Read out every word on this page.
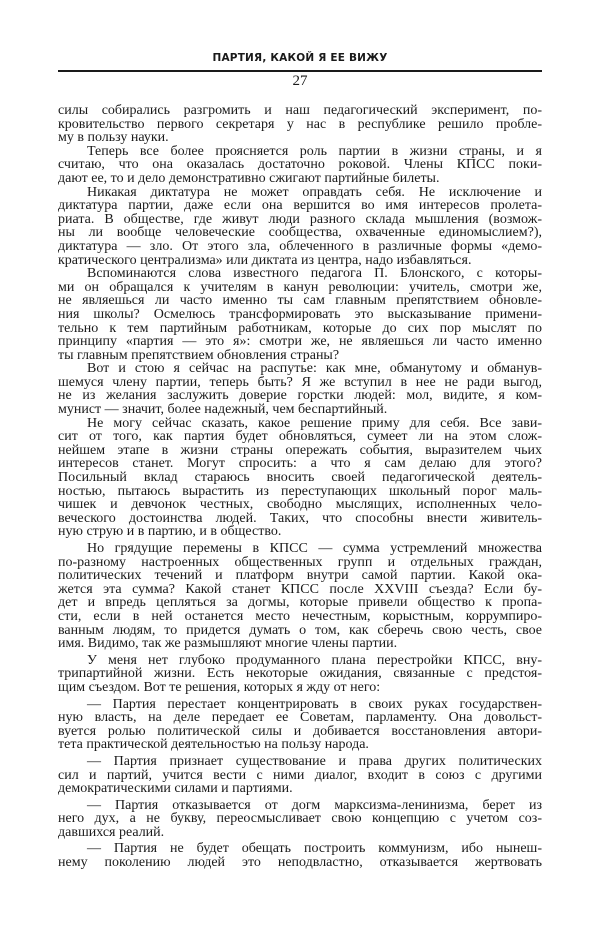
ПАРТИЯ, КАКОЙ Я ЕЕ ВИЖУ
27
силы собирались разгромить и наш педагогический эксперимент, по-
кровительство первого секретаря у нас в республике решило пробле-
му в пользу науки.
Теперь все более проясняется роль партии в жизни страны, и я
считаю, что она оказалась достаточно роковой. Члены КПСС поки-
дают ее, то и дело демонстративно сжигают партийные билеты.
Никакая диктатура не может оправдать себя. Не исключение и
диктатура партии, даже если она вершится во имя интересов пролета-
риата. В обществе, где живут люди разного склада мышления (возмож-
ны ли вообще человеческие сообщества, охваченные единомыслием?),
диктатура — зло. От этого зла, облеченного в различные формы «демо-
кратического централизма» или диктата из центра, надо избавляться.
Вспоминаются слова известного педагога П. Блонского, с которы-
ми он обращался к учителям в канун революции: учитель, смотри же,
не являешься ли часто именно ты сам главным препятствием обновле-
ния школы? Осмелюсь трансформировать это высказывание примени-
тельно к тем партийным работникам, которые до сих пор мыслят по
принципу «партия — это я»: смотри же, не являешься ли часто именно
ты главным препятствием обновления страны?
Вот и стою я сейчас на распутье: как мне, обманутому и обманув-
шемуся члену партии, теперь быть? Я же вступил в нее не ради выгод,
не из желания заслужить доверие горстки людей: мол, видите, я ком-
мунист — значит, более надежный, чем беспартийный.
Не могу сейчас сказать, какое решение приму для себя. Все зави-
сит от того, как партия будет обновляться, сумеет ли на этом слож-
нейшем этапе в жизни страны опережать события, выразителем чьих
интересов станет. Могут спросить: а что я сам делаю для этого?
Посильный вклад стараюсь вносить своей педагогической деятель-
ностью, пытаюсь вырастить из переступающих школьный порог маль-
чишек и девчонок честных, свободно мыслящих, исполненных чело-
веческого достоинства людей. Таких, что способны внести живитель-
ную струю и в партию, и в общество.
Но грядущие перемены в КПСС — сумма устремлений множества
по-разному настроенных общественных групп и отдельных граждан,
политических течений и платформ внутри самой партии. Какой ока-
жется эта сумма? Какой станет КПСС после XXVIII съезда? Если бу-
дет и впредь цепляться за догмы, которые привели общество к пропа-
сти, если в ней останется место нечестным, корыстным, коррумпиро-
ванным людям, то придется думать о том, как сберечь свою честь, свое
имя. Видимо, так же размышляют многие члены партии.
У меня нет глубоко продуманного плана перестройки КПСС, вну-
трипартийной жизни. Есть некоторые ожидания, связанные с предстоя-
щим съездом. Вот те решения, которых я жду от него:
— Партия перестает концентрировать в своих руках государствен-
ную власть, на деле передает ее Советам, парламенту. Она довольст-
вуется ролью политической силы и добивается восстановления автори-
тета практической деятельностью на пользу народа.
— Партия признает существование и права других политических
сил и партий, учится вести с ними диалог, входит в союз с другими
демократическими силами и партиями.
— Партия отказывается от догм марксизма-ленинизма, берет из
него дух, а не букву, переосмысливает свою концепцию с учетом соз-
давшихся реалий.
— Партия не будет обещать построить коммунизм, ибо нынеш-
нему поколению людей это неподвластно, отказывается жертвовать
